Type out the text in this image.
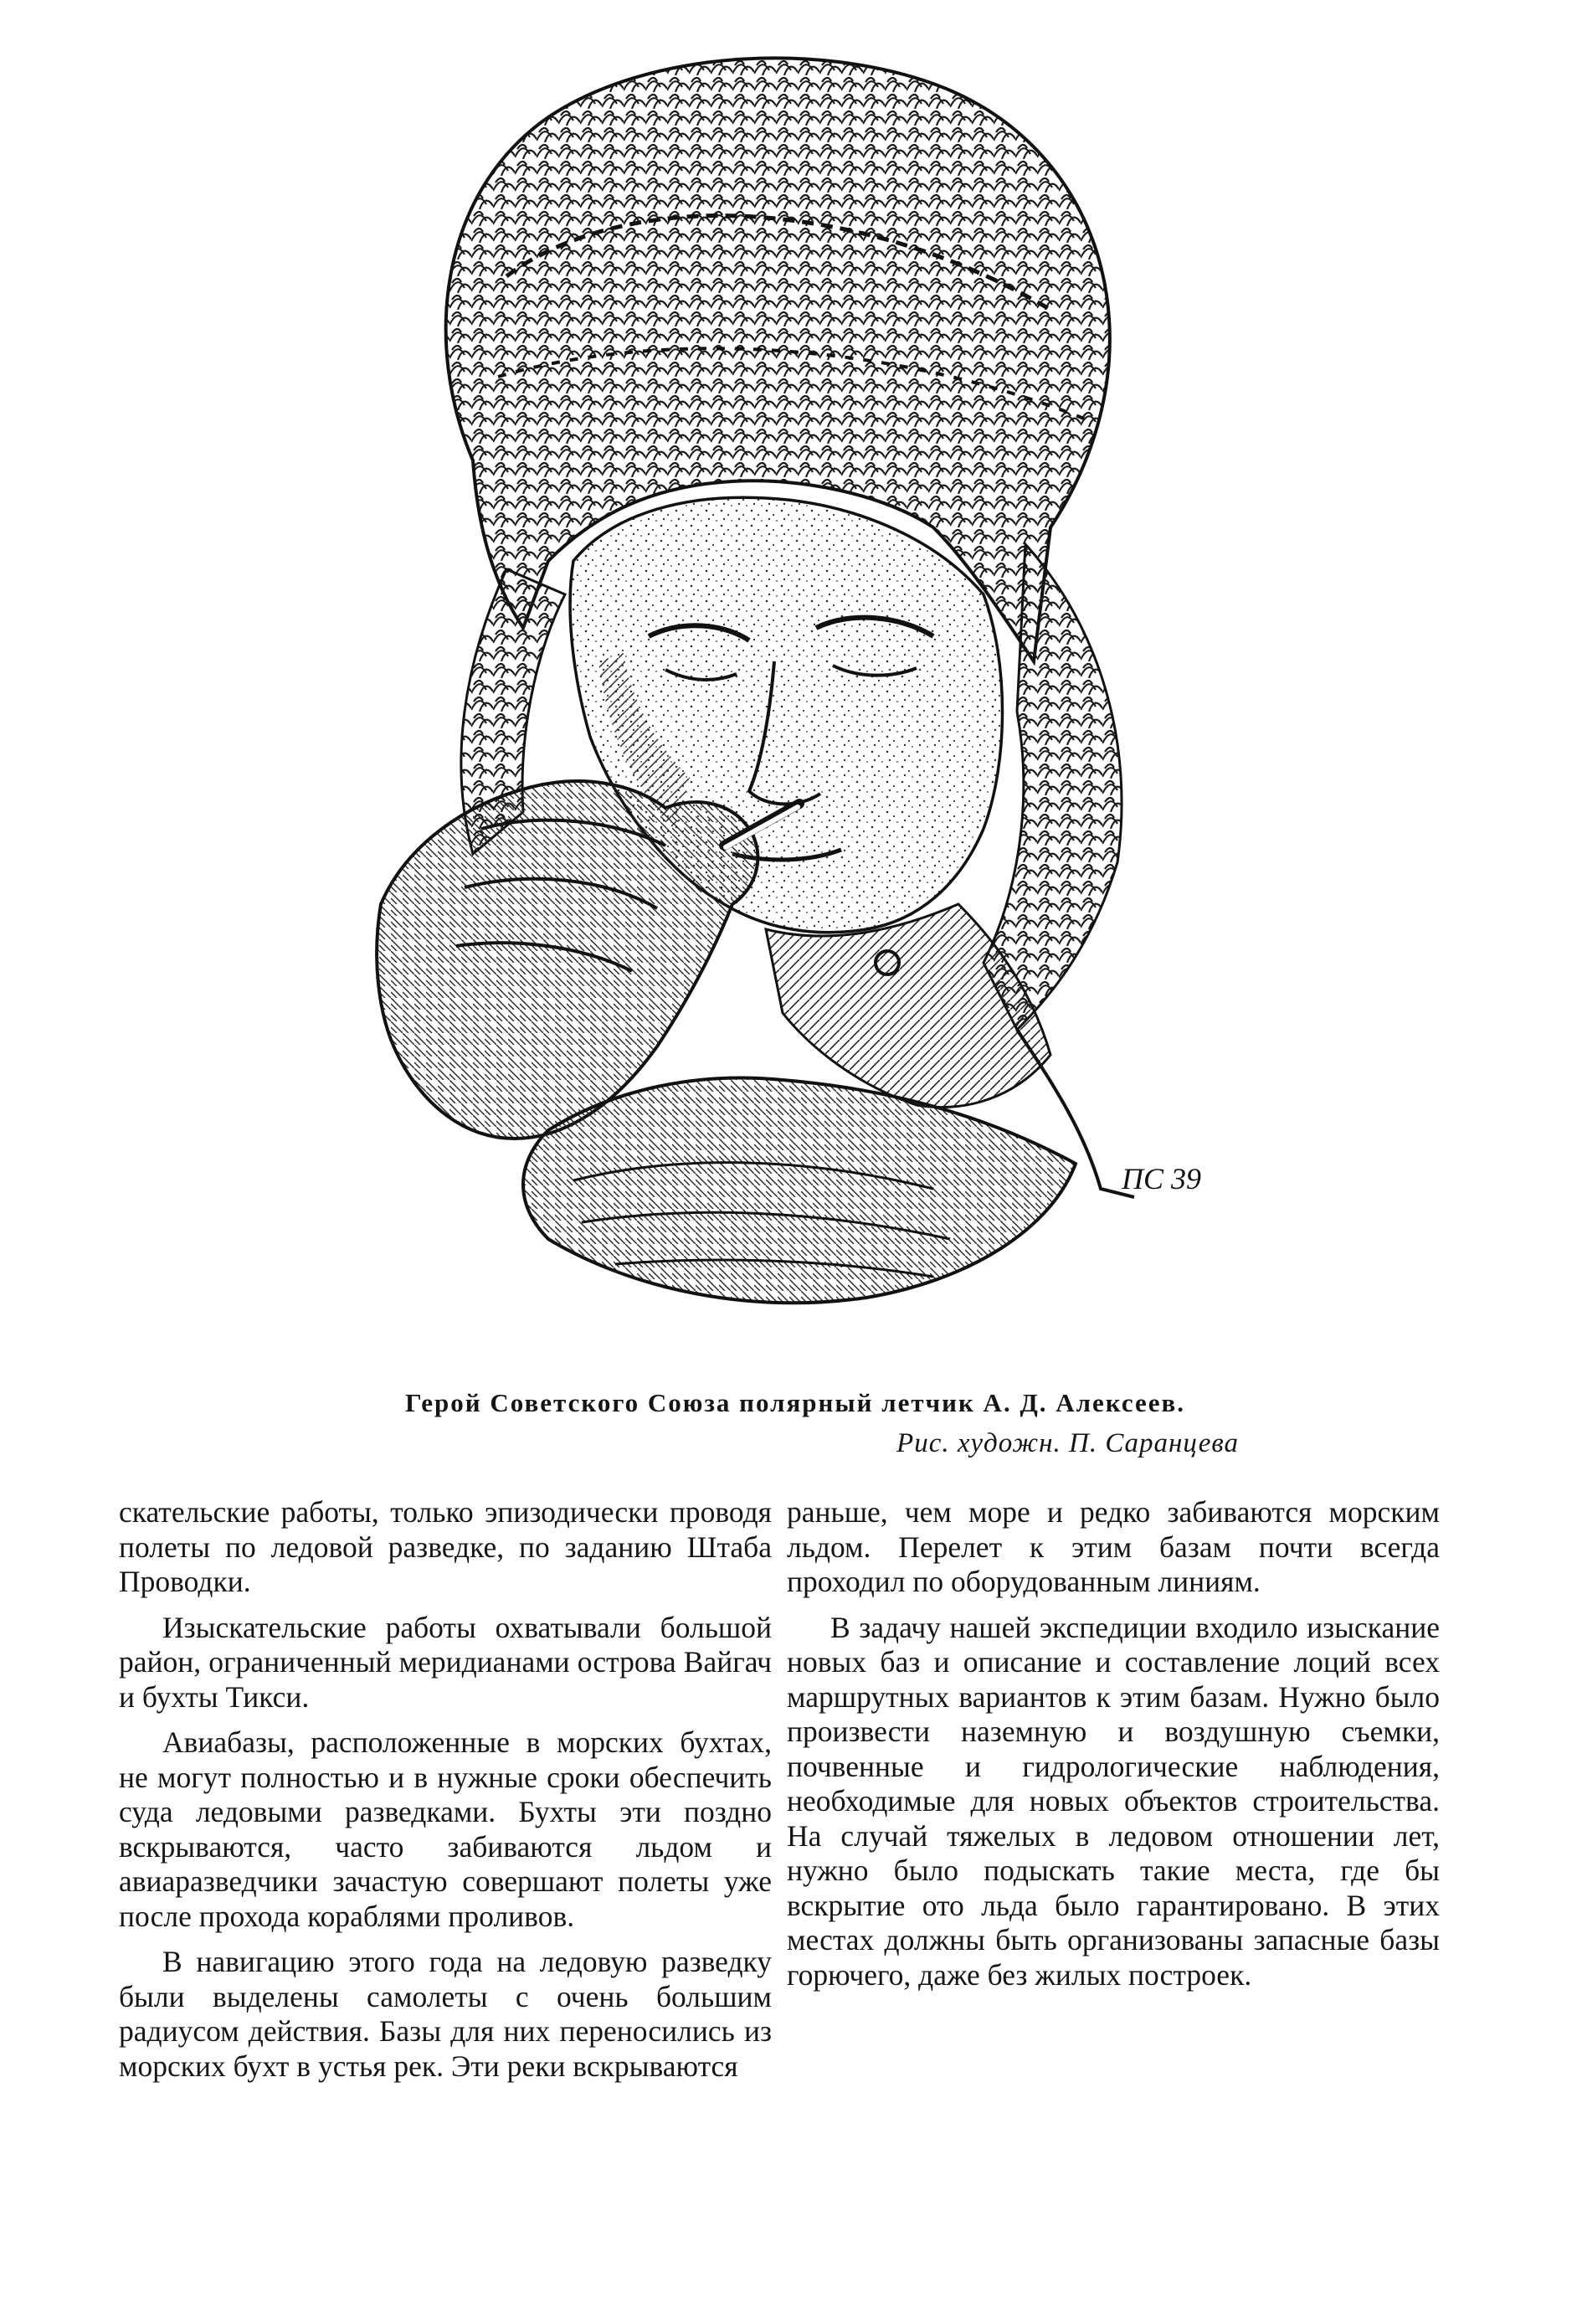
ПС 39
Герой Советского Союза полярный летчик А. Д. Алексеев.
Рис. художн. П. Саранцева

скательские работы, только эпизодически проводя полеты по ледовой разведке, по заданию Штаба Проводки.

Изыскательские работы охватывали большой район, ограниченный меридианами острова Вайгач и бухты Тикси.

Авиабазы, расположенные в морских бухтах, не могут полностью и в нужные сроки обеспечить суда ледовыми разведками. Бухты эти поздно вскрываются, часто забиваются льдом и авиаразведчики зачастую совершают полеты уже после прохода кораблями проливов.

В навигацию этого года на ледовую разведку были выделены самолеты с очень большим радиусом действия. Базы для них переносились из морских бухт в устья рек. Эти реки вскрываются

раньше, чем море и редко забиваются морским льдом. Перелет к этим базам почти всегда проходил по оборудованным линиям.

В задачу нашей экспедиции входило изыскание новых баз и описание и составление лоций всех маршрутных вариантов к этим базам. Нужно было произвести наземную и воздушную съемки, почвенные и гидрологические наблюдения, необходимые для новых объектов строительства. На случай тяжелых в ледовом отношении лет, нужно было подыскать такие места, где бы вскрытие ото льда было гарантировано. В этих местах должны быть организованы запасные базы горючего, даже без жилых построек.
